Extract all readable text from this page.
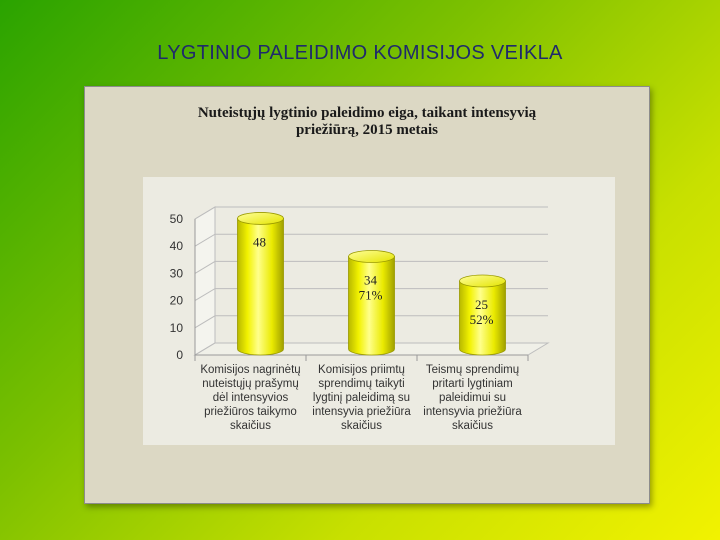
LYGTINIO PALEIDIMO KOMISIJOS VEIKLA
Nuteistųjų lygtinio paleidimo eiga, taikant intensyvią
priežiūrą, 2015 metais
0
10
20
30
40
50
48
Komisijos nagrinėtų
nuteistųjų prašymų
dėl intensyvios
priežiūros taikymo
skaičius
34
71%
Komisijos priimtų
sprendimų taikyti
lygtinį paleidimą su
intensyvia priežiūra
skaičius
25
52%
Teismų sprendimų
pritarti lygtiniam
paleidimui su
intensyvia priežiūra
skaičius
